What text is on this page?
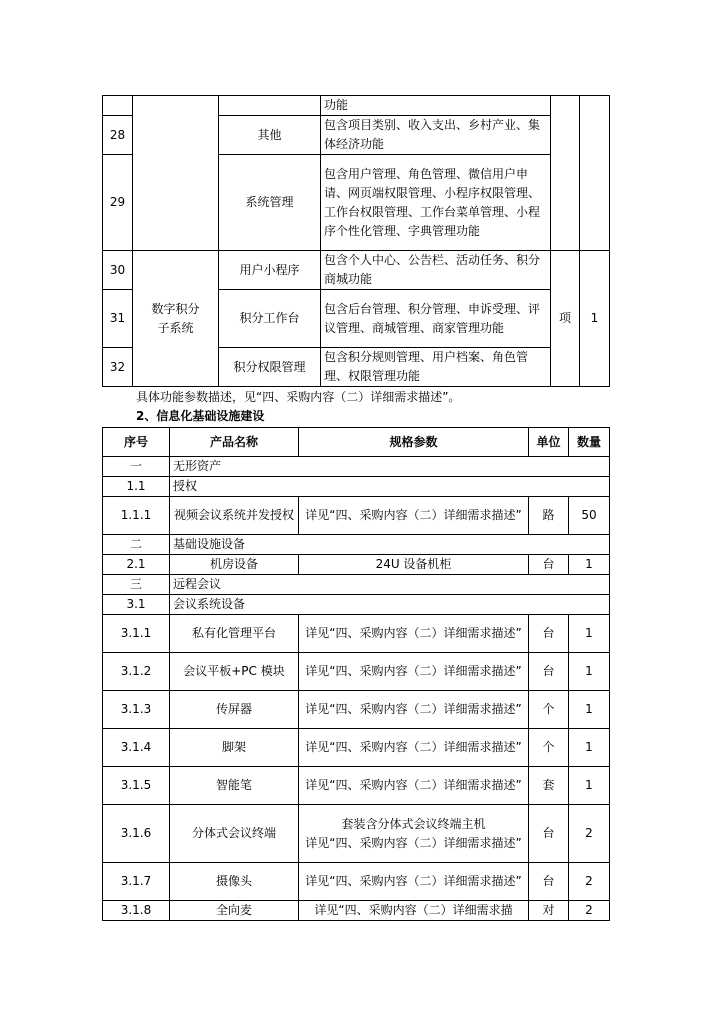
			功能		
28		其他	包含项目类别、收入支出、乡村产业、集体经济功能		
29		系统管理	包含用户管理、角色管理、微信用户申请、网页端权限管理、小程序权限管理、工作台权限管理、工作台菜单管理、小程序个性化管理、字典管理功能		
30	数字积分子系统	用户小程序	包含个人中心、公告栏、活动任务、积分商城功能	项	1
31		积分工作台	包含后台管理、积分管理、申诉受理、评议管理、商城管理、商家管理功能		
32		积分权限管理	包含积分规则管理、用户档案、角色管理、权限管理功能		
具体功能参数描述，见“四、采购内容（二）详细需求描述”。
2、信息化基础设施建设
序号	产品名称	规格参数	单位	数量
一	无形资产			
1.1	授权			
1.1.1	视频会议系统并发授权	详见“四、采购内容（二）详细需求描述”	路	50
二	基础设施设备			
2.1	机房设备	24U 设备机柜	台	1
三	远程会议			
3.1	会议系统设备			
3.1.1	私有化管理平台	详见“四、采购内容（二）详细需求描述”	台	1
3.1.2	会议平板+PC 模块	详见“四、采购内容（二）详细需求描述”	台	1
3.1.3	传屏器	详见“四、采购内容（二）详细需求描述”	个	1
3.1.4	脚架	详见“四、采购内容（二）详细需求描述”	个	1
3.1.5	智能笔	详见“四、采购内容（二）详细需求描述”	套	1
3.1.6	分体式会议终端	套装含分体式会议终端主机
详见“四、采购内容（二）详细需求描述”	台	2
3.1.7	摄像头	详见“四、采购内容（二）详细需求描述”	台	2
3.1.8	全向麦	详见“四、采购内容（二）详细需求描	对	2
